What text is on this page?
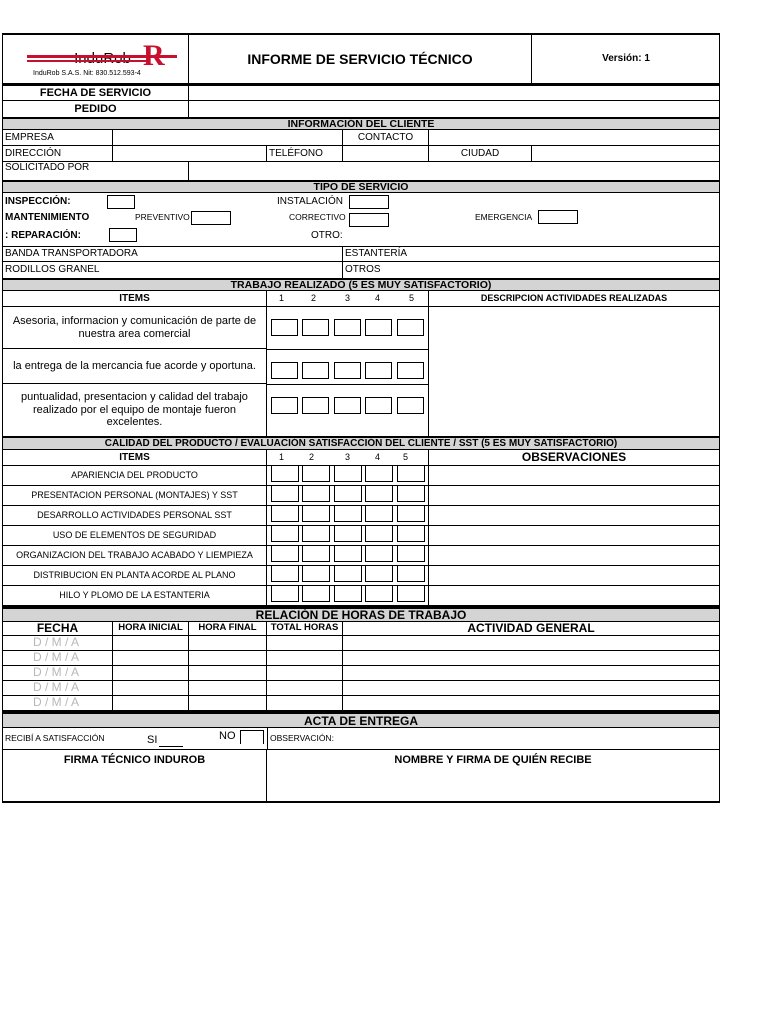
InduRob R
InduRob S.A.S. Nit: 830.512.593-4
INFORME DE SERVICIO TÉCNICO	Versión: 1
FECHA DE SERVICIO
PEDIDO
INFORMACIÓN DEL CLIENTE
EMPRESA	CONTACTO
DIRECCIÓN	TELÉFONO	CIUDAD
SOLICITADO POR
TIPO DE SERVICIO
INSPECCIÓN:	INSTALACIÓN
MANTENIMIENTO	PREVENTIVO	CORRECTIVO	EMERGENCIA
: REPARACIÓN:	OTRO:
BANDA TRANSPORTADORA	ESTANTERÍA
RODILLOS GRANEL	OTROS
TRABAJO REALIZADO (5 ES MUY SATISFACTORIO)
ITEMS	1	2	3	4	5	DESCRIPCION ACTIVIDADES REALIZADAS
Asesoria, informacion y comunicación de parte de nuestra area comercial
la entrega de la mercancia fue acorde y oportuna.
puntualidad, presentacion y calidad del trabajo realizado por el equipo de montaje fueron excelentes.
CALIDAD DEL PRODUCTO / EVALUACIÓN SATISFACCIÓN DEL CLIENTE / SST (5 ES MUY SATISFACTORIO)
ITEMS	1	2	3	4	5	OBSERVACIONES
APARIENCIA DEL PRODUCTO
PRESENTACION PERSONAL (MONTAJES) Y SST
DESARROLLO ACTIVIDADES PERSONAL SST
USO DE ELEMENTOS DE SEGURIDAD
ORGANIZACION DEL TRABAJO ACABADO Y LIEMPIEZA
DISTRIBUCION EN PLANTA ACORDE AL PLANO
HILO Y PLOMO DE LA ESTANTERIA
RELACIÓN DE HORAS DE TRABAJO
FECHA	HORA INICIAL	HORA FINAL	TOTAL HORAS	ACTIVIDAD GENERAL
D / M / A
D / M / A
D / M / A
D / M / A
D / M / A
ACTA DE ENTREGA
RECIBÍ A SATISFACCIÓN	SI	NO	OBSERVACIÓN:
FIRMA TÉCNICO INDUROB	NOMBRE Y FIRMA DE QUIÉN RECIBE
